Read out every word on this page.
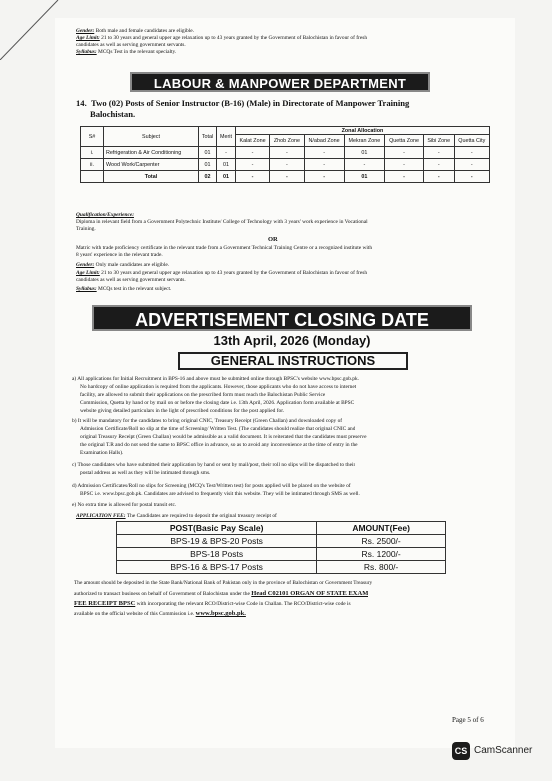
Gender: Both male and female candidates are eligible.
Age Limit: 21 to 30 years and general upper age relaxation up to 43 years granted by the Government of Balochistan in favour of fresh
candidates as well as serving government servants.
Syllabus: MCQs Test in the relevant specialty.
LABOUR & MANPOWER DEPARTMENT
14. Two (02) Posts of Senior Instructor (B-16) (Male) in Directorate of Manpower Training
Balochistan.
S#	Subject	Total	Merit	Zonal Allocation						
				Kalat Zone	Zhob Zone	N/abad Zone	Mekran Zone	Quetta Zone	Sibi Zone	Quetta City
i.	Refrigeration & Air Conditioning	01	-	-	-	-	01	-	-	-
ii.	Wood Work/Carpenter	01	01	-	-	-	-	-	-	-
	Total	02	01	-	-	-	01	-	-	-
Qualification/Experience:
Diploma in relevant field from a Government Polytechnic Institute/ College of Technology with 3 years' work experience in Vocational
Training.
OR
Matric with trade proficiency certificate in the relevant trade from a Government Technical Training Centre or a recognized institute with
8 years' experience in the relevant trade.
Gender: Only male candidates are eligible.
Age Limit: 21 to 30 years and general upper age relaxation up to 43 years granted by the Government of Balochistan in favour of fresh
candidates as well as serving government servants.
Syllabus: MCQs test in the relevant subject.
ADVERTISEMENT CLOSING DATE
13th April, 2026 (Monday)
GENERAL INSTRUCTIONS
a) All applications for Initial Recruitment in BPS-16 and above must be submitted online through BPSC's website www.bpsc.gob.pk.
No hardcopy of online application is required from the applicants. However, those applicants who do not have access to internet
facility, are allowed to submit their applications on the prescribed form must reach the Balochistan Public Service
Commission, Quetta by hand or by mail on or before the closing date i.e. 13th April, 2026. Application form available at BPSC
website giving detailed particulars in the light of prescribed conditions for the post applied for.
b) It will be mandatory for the candidates to bring original CNIC, Treasury Receipt (Green Challan) and downloaded copy of
Admission Certificate/Roll no slip at the time of Screening/ Written Test. (The candidates should realize that original CNIC and
original Treasury Receipt (Green Challan) would be admissible as a valid document. It is reiterated that the candidates must preserve
the original T.R and do not send the same to BPSC office in advance, so as to avoid any inconvenience at the time of entry in the
Examination Halls).
c) Those candidates who have submitted their application by hand or sent by mail/post, their roll no slips will be dispatched to their
postal address as well as they will be intimated through sms.
d) Admission Certificates/Roll no slips for Screening (MCQ's Test/Written test) for posts applied will be placed on the website of
BPSC i.e. www.bpsc.gob.pk. Candidates are advised to frequently visit this website. They will be intimated through SMS as well.
e) No extra time is allowed for postal transit etc.
APPLICATION FEE: The Candidates are required to deposit the original treasury receipt of
POST(Basic Pay Scale)	AMOUNT(Fee)
BPS-19 & BPS-20 Posts	Rs. 2500/-
BPS-18 Posts	Rs. 1200/-
BPS-16 & BPS-17 Posts	Rs. 800/-
The amount should be deposited in the State Bank/National Bank of Pakistan only in the province of Balochistan or Government Treasury
authorized to transact business on behalf of Government of Balochistan under the Head C02101 ORGAN OF STATE EXAM
FEE RECEIPT BPSC with incorporating the relevant RCO/District-wise Code in Challan. The RCO/District-wise code is
available on the official website of this Commission i.e. www.bpsc.gob.pk.
Page 5 of 6
CS CamScanner
